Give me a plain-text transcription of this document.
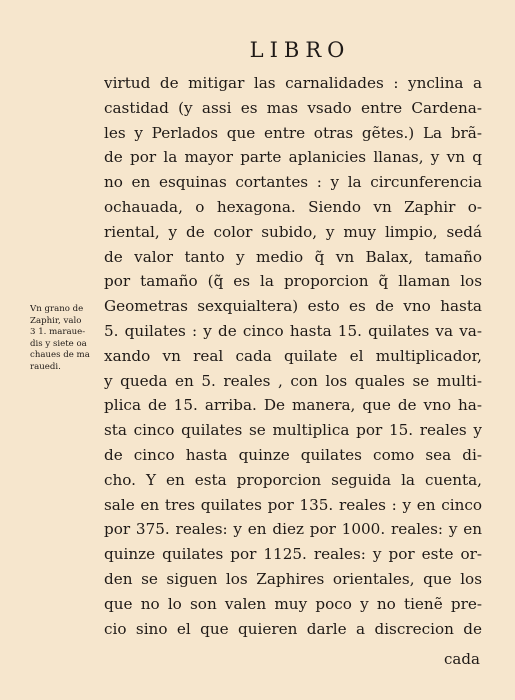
LIBRO
Vn grano de
Zaphir, valo
3 1. maraue-
dis y siete oa
chaues de ma
rauedi.
virtud de mitigar las carnalidades : ynclina a
castidad (y assi es mas vsado entre Cardena-
les y Perlados que entre otras gẽtes.) La brã-
de por la mayor parte aplanicies llanas, y vn q
no en esquinas cortantes : y la circunferencia
ochauada, o hexagona. Siendo vn Zaphir o-
riental, y de color subido, y muy limpio, sedá
de valor tanto y medio q̃ vn Balax, tamaño
por tamaño (q̃ es la proporcion q̃ llaman los
Geometras sexquialtera) esto es de vno hasta
5. quilates : y de cinco hasta 15. quilates va va-
xando vn real cada quilate el multiplicador,
y queda en 5. reales , con los quales se multi-
plica de 15. arriba. De manera, que de vno ha-
sta cinco quilates se multiplica por 15. reales y
de cinco hasta quinze quilates como sea di-
cho. Y en esta proporcion seguida la cuenta,
sale en tres quilates por 135. reales : y en cinco
por 375. reales: y en diez por 1000. reales: y en
quinze quilates por 1125. reales: y por este or-
den se siguen los Zaphires orientales, que los
que no lo son valen muy poco y no tienẽ pre-
cio sino el que quieren darle a discrecion de
cada
